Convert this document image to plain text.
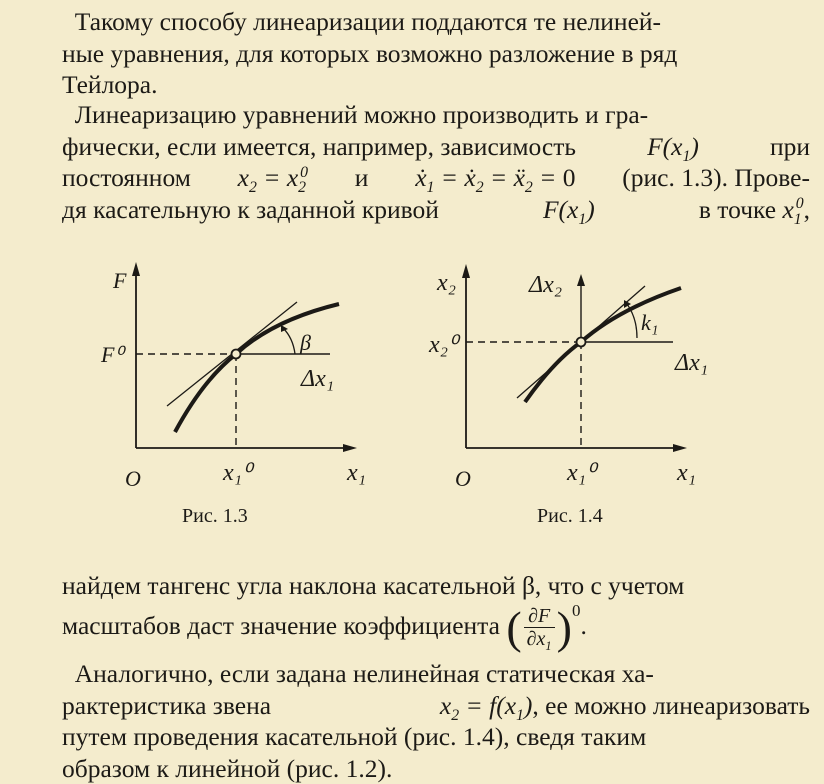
Такому способу линеаризации поддаются те нелиней-
ные уравнения, для которых возможно разложение в ряд
Тейлора.
Линеаризацию уравнений можно производить и гра-
фически, если имеется, например, зависимость	$F(x_1)$	при
постоянном $x_2 = x_2^0$ и ẋ$_1$ = ẋ$_2$ = ẍ$_2$ = 0 (рис. 1.3). Прове-
дя касательную к заданной кривой	$F(x_1)$	в точке $x_1^0$,
F
F⁰	β
Δx₁
O	x₁⁰	x₁
Рис. 1.3
x₂	Δx₂
x₂⁰
k₁
Δx₁
O	x₁⁰	x₁
Рис. 1.4
найдем тангенс угла наклона касательной β, что с учетом
масштабов даст значение коэффициента ( $\frac{\partial F}{\partial x_1} )^0$.
Аналогично, если задана нелинейная статическая ха-
рактеристика звена	$x_2 = f(x_1)$, ее можно линеаризовать
путем проведения касательной (рис. 1.4), сведя таким
образом к линейной (рис. 1.2).
